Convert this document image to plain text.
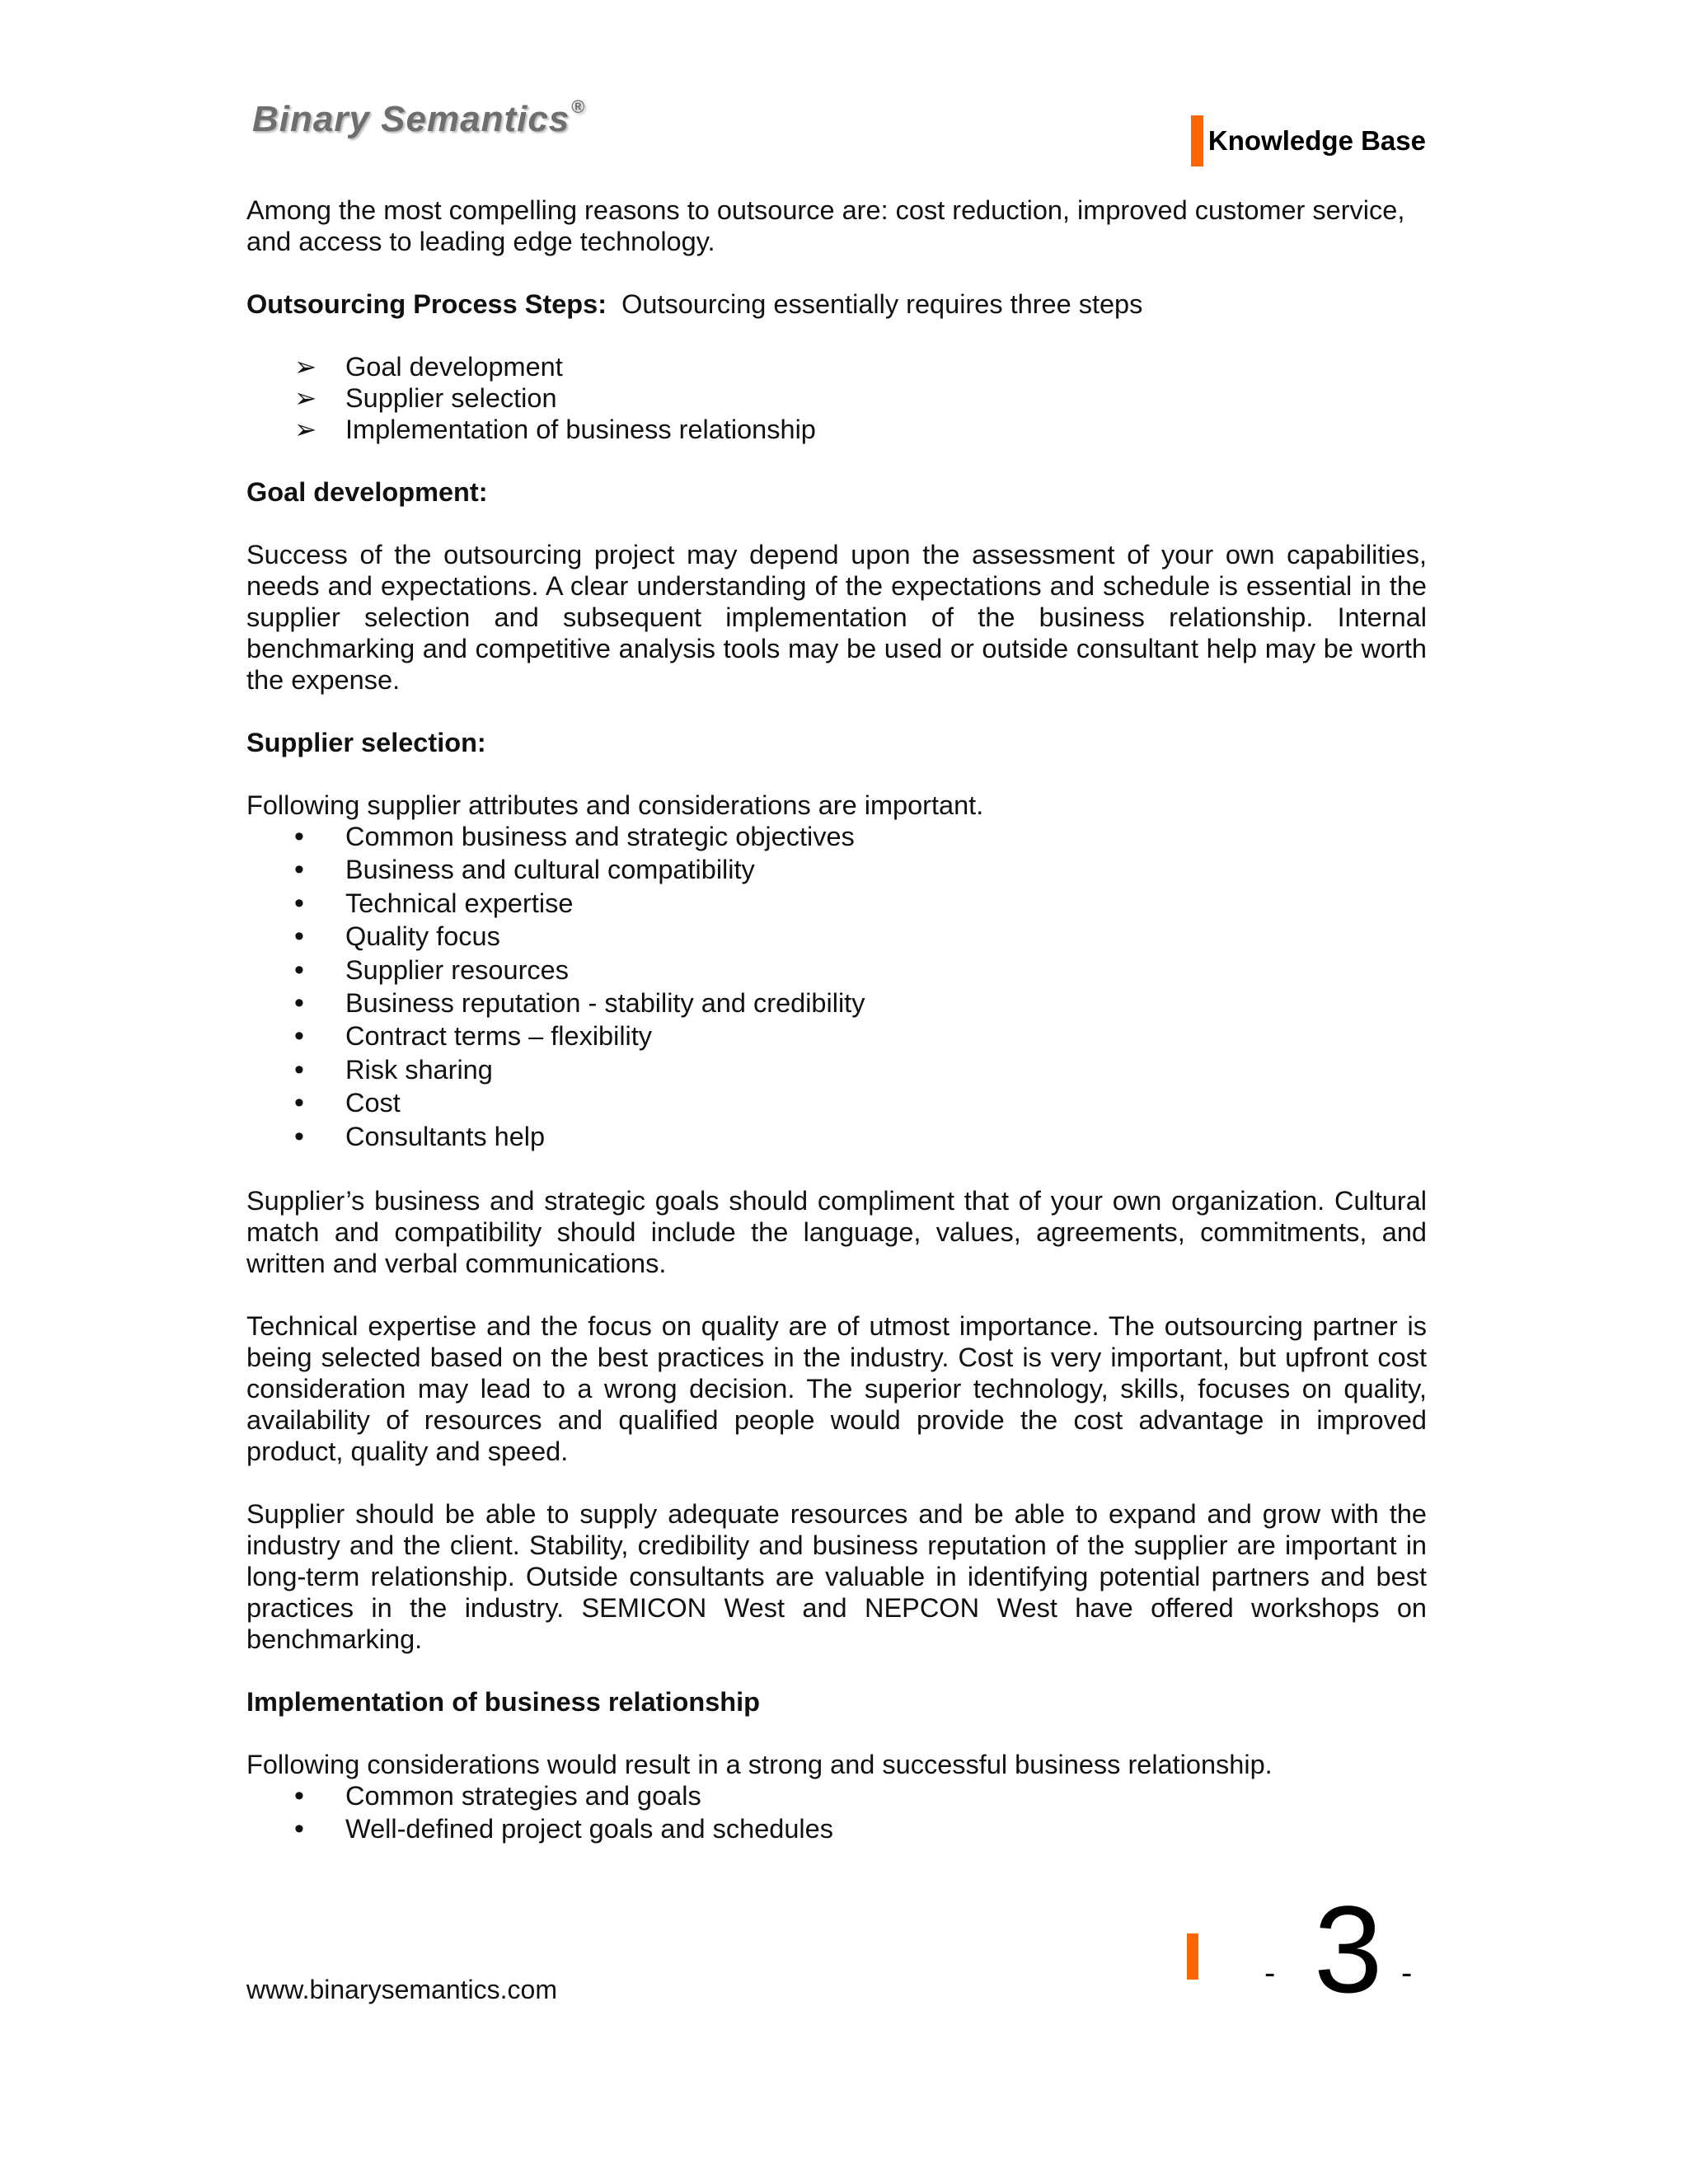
Binary Semantics®
Knowledge Base

Among the most compelling reasons to outsource are: cost reduction, improved customer service, and access to leading edge technology.

Outsourcing Process Steps: Outsourcing essentially requires three steps

➢ Goal development
➢ Supplier selection
➢ Implementation of business relationship
Goal development:

Success of the outsourcing project may depend upon the assessment of your own capabilities, needs and expectations. A clear understanding of the expectations and schedule is essential in the supplier selection and subsequent implementation of the business relationship. Internal benchmarking and competitive analysis tools may be used or outside consultant help may be worth the expense.

Supplier selection:

Following supplier attributes and considerations are important.

• Common business and strategic objectives
• Business and cultural compatibility
• Technical expertise
• Quality focus
• Supplier resources
• Business reputation - stability and credibility
• Contract terms – flexibility
• Risk sharing
• Cost
• Consultants help

Supplier’s business and strategic goals should compliment that of your own organization. Cultural match and compatibility should include the language, values, agreements, commitments, and written and verbal communications.

Technical expertise and the focus on quality are of utmost importance. The outsourcing partner is being selected based on the best practices in the industry. Cost is very important, but upfront cost consideration may lead to a wrong decision. The superior technology, skills, focuses on quality, availability of resources and qualified people would provide the cost advantage in improved product, quality and speed.

Supplier should be able to supply adequate resources and be able to expand and grow with the industry and the client. Stability, credibility and business reputation of the supplier are important in long-term relationship. Outside consultants are valuable in identifying potential partners and best practices in the industry. SEMICON West and NEPCON West have offered workshops on benchmarking.

Implementation of business relationship

Following considerations would result in a strong and successful business relationship.

• Common strategies and goals
• Well-defined project goals and schedules
www.binarysemantics.com	- 3 -
